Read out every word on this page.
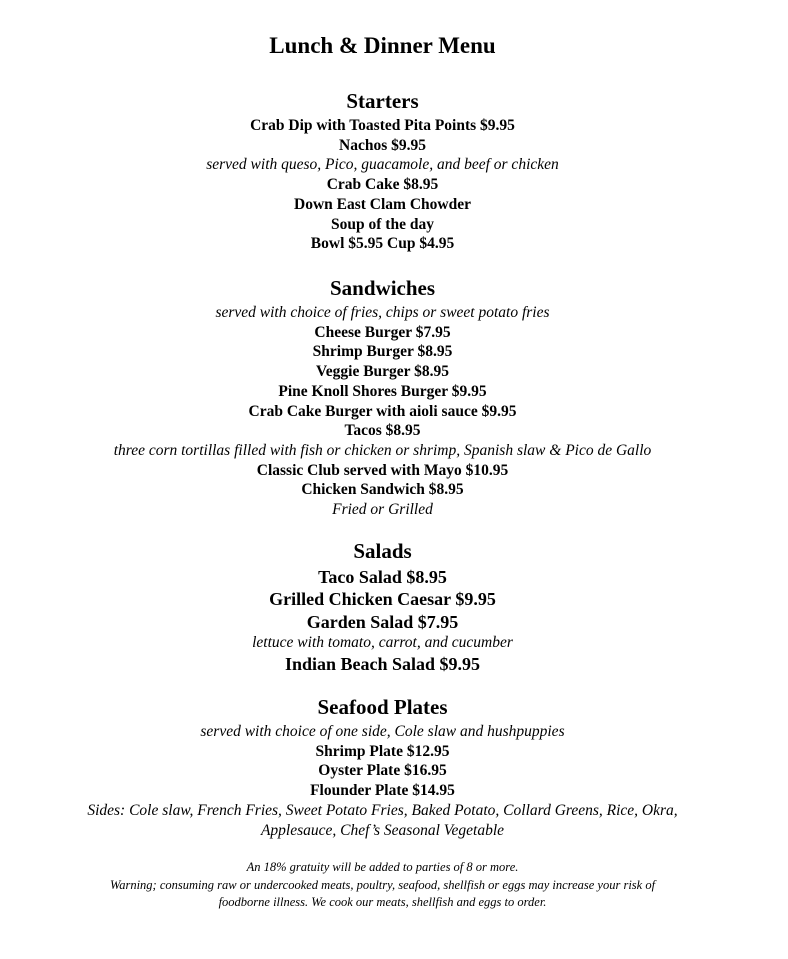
Lunch & Dinner Menu
Starters
Crab Dip with Toasted Pita Points $9.95
Nachos $9.95
served with queso, Pico, guacamole, and beef or chicken
Crab Cake $8.95
Down East Clam Chowder
Soup of the day
Bowl $5.95 Cup $4.95
Sandwiches
served with choice of fries, chips or sweet potato fries
Cheese Burger $7.95
Shrimp Burger $8.95
Veggie Burger $8.95
Pine Knoll Shores Burger $9.95
Crab Cake Burger with aioli sauce $9.95
Tacos $8.95
three corn tortillas filled with fish or chicken or shrimp, Spanish slaw & Pico de Gallo
Classic Club served with Mayo $10.95
Chicken Sandwich $8.95
Fried or Grilled
Salads
Taco Salad $8.95
Grilled Chicken Caesar $9.95
Garden Salad $7.95
lettuce with tomato, carrot, and cucumber
Indian Beach Salad $9.95
Seafood Plates
served with choice of one side, Cole slaw and hushpuppies
Shrimp Plate $12.95
Oyster Plate $16.95
Flounder Plate $14.95
Sides: Cole slaw, French Fries, Sweet Potato Fries, Baked Potato, Collard Greens, Rice, Okra,
Applesauce, Chef’s Seasonal Vegetable
An 18% gratuity will be added to parties of 8 or more.
Warning; consuming raw or undercooked meats, poultry, seafood, shellfish or eggs may increase your risk of
foodborne illness. We cook our meats, shellfish and eggs to order.
